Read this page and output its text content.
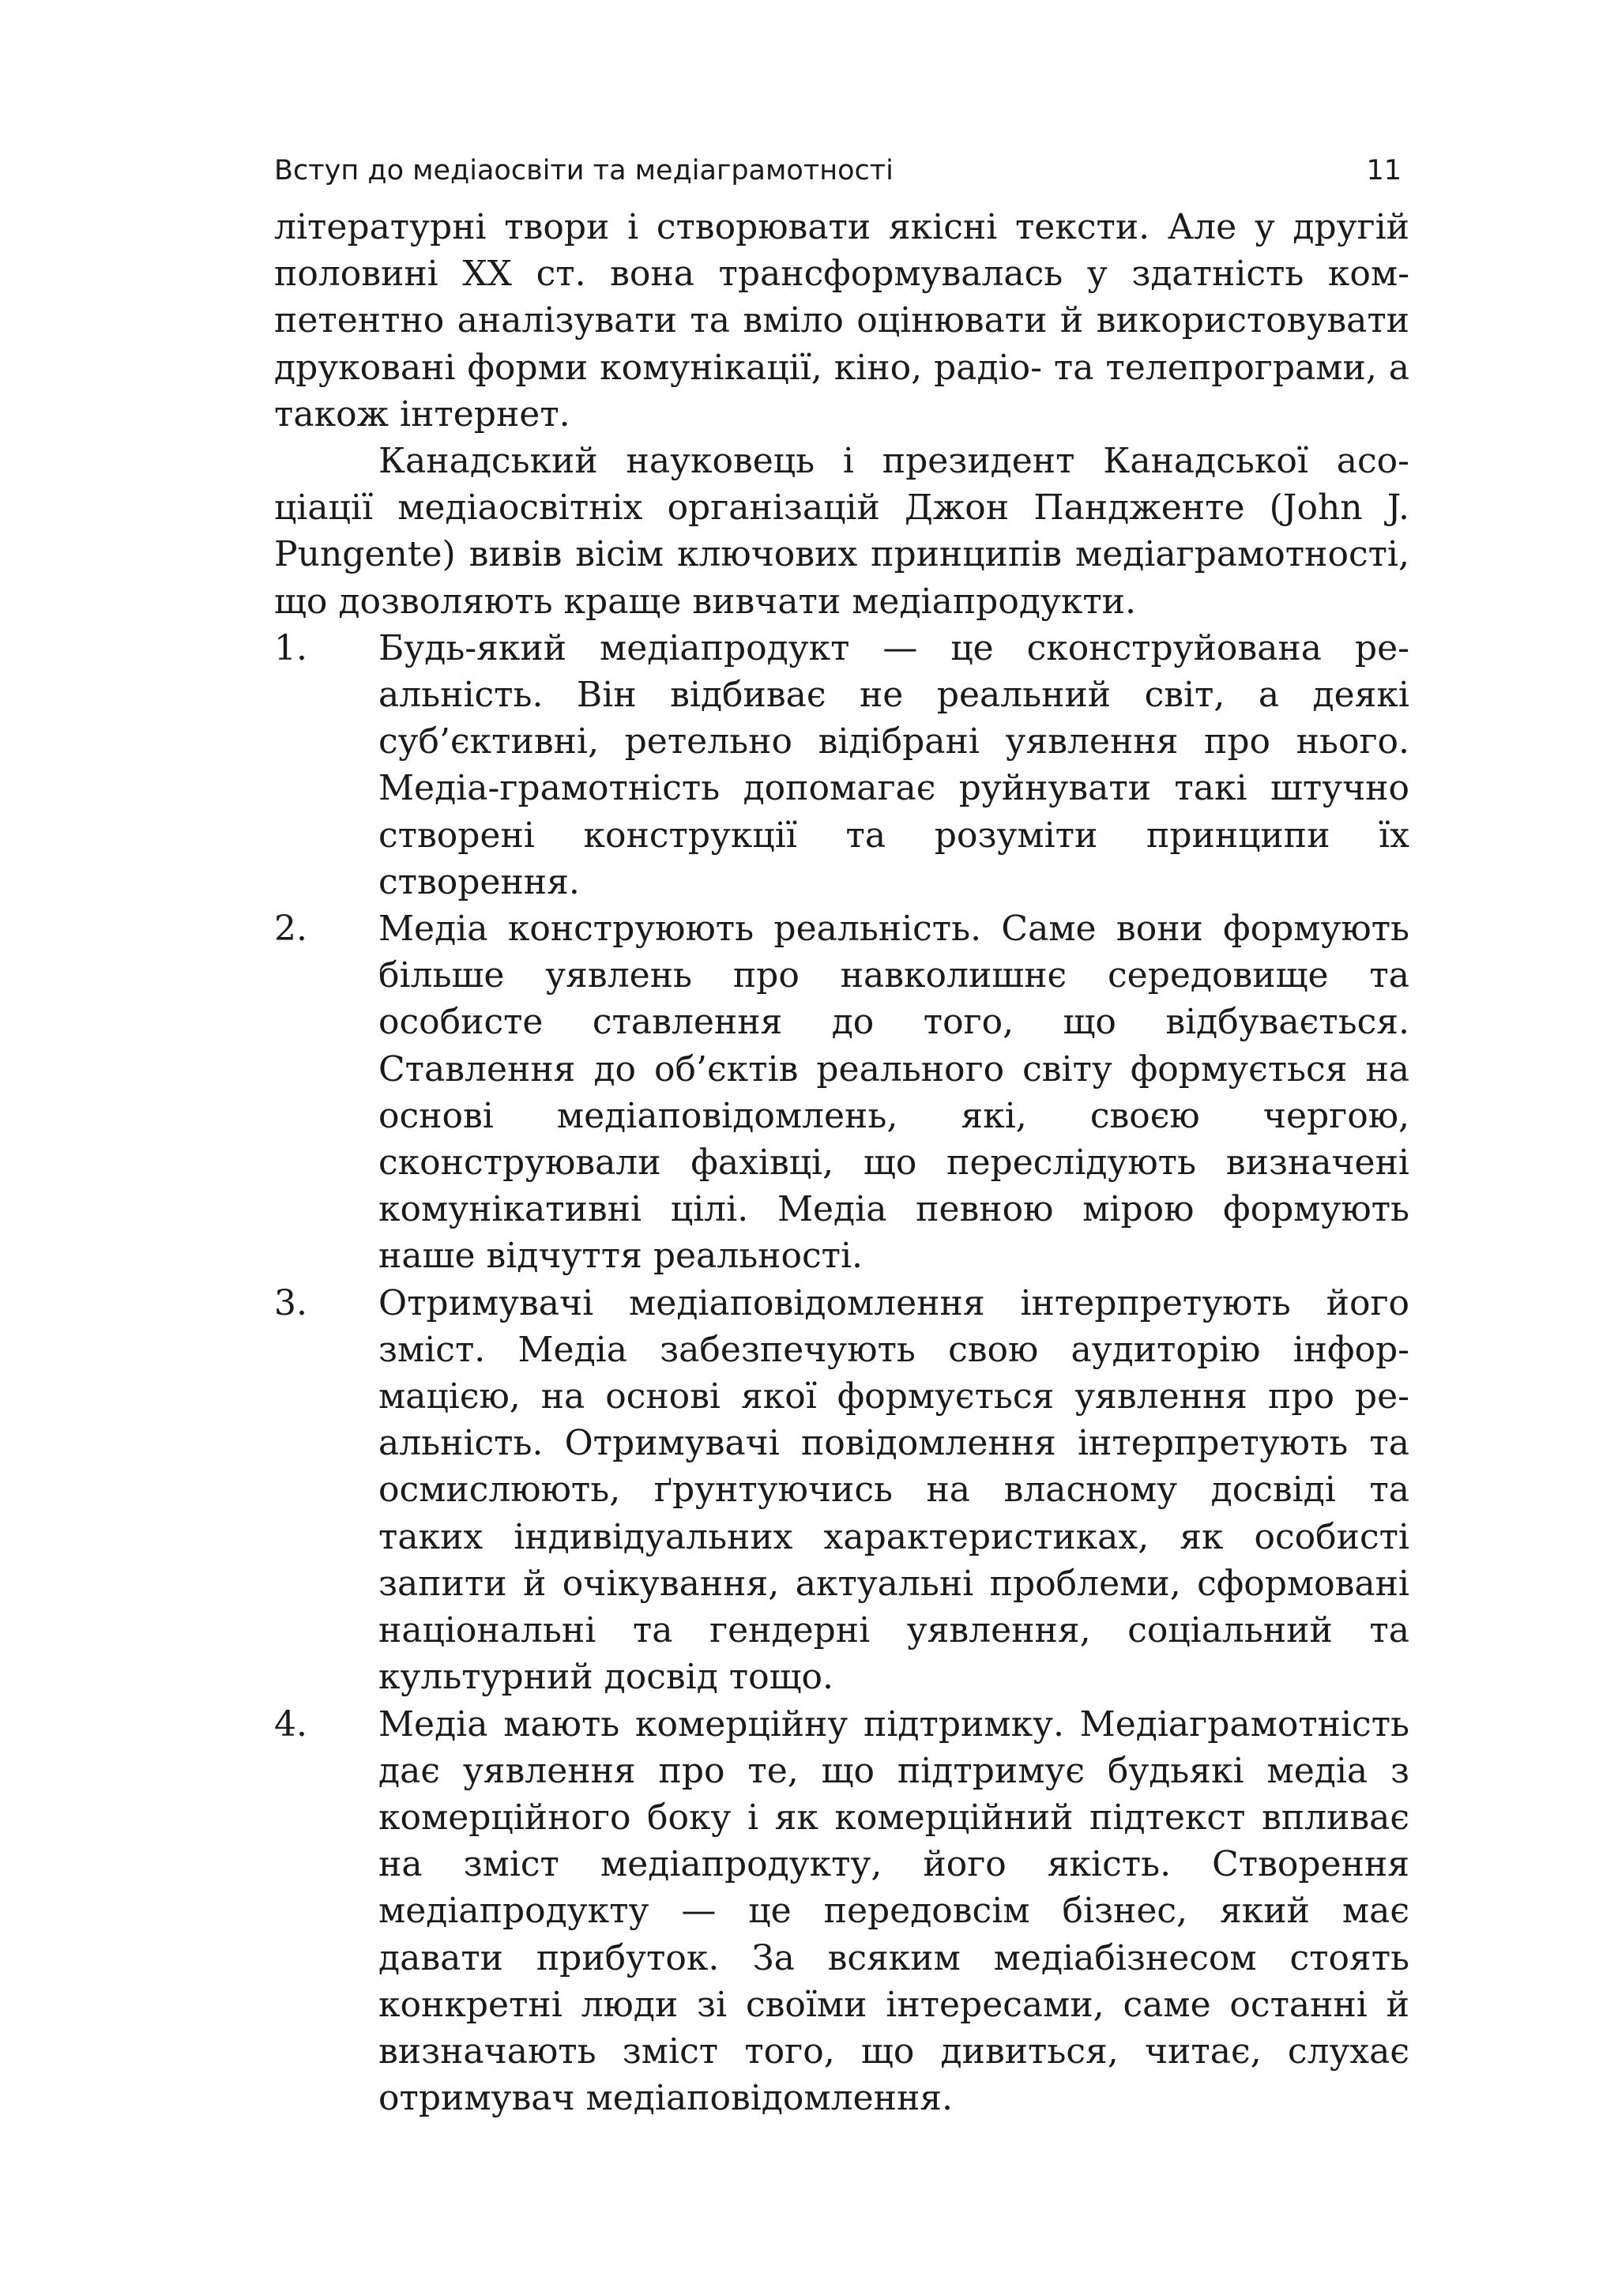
Вступ до медіаосвіти та медіаграмотності	11

літературні твори і створювати якісні тексти. Але у другій половині XX ст. вона трансформувалась у здатність компетентно аналізувати та вміло оцінювати й використовувати друковані форми комунікації, кіно, радіо- та телепрограми, а також інтернет.

Канадський науковець і президент Канадської асоціації медіаосвітніх організацій Джон Пандженте (John J. Pungente) вивів вісім ключових принципів медіаграмотності, що дозволяють краще вивчати медіапродукти.

1. Будь-який медіапродукт — це сконструйована реальність. Він відбиває не реальний світ, а деякі суб’єктивні, ретельно відібрані уявлення про нього. Медіа-грамотність допомагає руйнувати такі штучно створені конструкції та розуміти принципи їх створення.
2. Медіа конструюють реальність. Саме вони формують більше уявлень про навколишнє середовище та особисте ставлення до того, що відбувається. Ставлення до об’єктів реального світу формується на основі медіаповідомлень, які, своєю чергою, сконструювали фахівці, що переслідують визначені комунікативні цілі. Медіа певною мірою формують наше відчуття реальності.
3. Отримувачі медіаповідомлення інтерпретують його зміст. Медіа забезпечують свою аудиторію інформацією, на основі якої формується уявлення про реальність. Отримувачі повідомлення інтерпретують та осмислюють, ґрунтуючись на власному досвіді та таких індивідуальних характеристиках, як особисті запити й очікування, актуальні проблеми, сформовані національні та гендерні уявлення, соціальний та культурний досвід тощо.
4. Медіа мають комерційну підтримку. Медіаграмотність дає уявлення про те, що підтримує будьякі медіа з комерційного боку і як комерційний підтекст впливає на зміст медіапродукту, його якість. Створення медіапродукту — це передовсім бізнес, який має давати прибуток. За всяким медіабізнесом стоять конкретні люди зі своїми інтересами, саме останні й визначають зміст того, що дивиться, читає, слухає отримувач медіаповідомлення.
